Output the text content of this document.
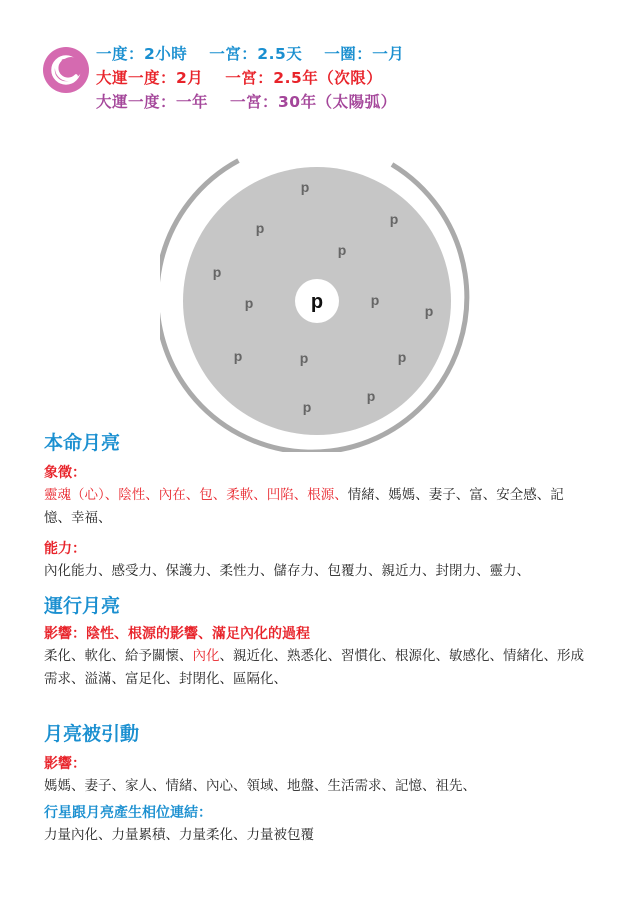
一度：2小時 一宮：2.5天 一圈：一月
大運一度：2月 一宮：2.5年（次限）
大運一度：一年 一宮：30年（太陽弧）
p
p
p
p
p
p
p	p
p
p	p	p
p
p
本命月亮

象徵：

靈魂（心）、陰性、內在、包、柔軟、凹陷、根源、情緒、媽媽、妻子、富、安全感、記憶、幸福、

能力：

內化能力、感受力、保護力、柔性力、儲存力、包覆力、親近力、封閉力、靈力、

運行月亮

影響：陰性、根源的影響、滿足內化的過程

柔化、軟化、給予關懷、內化、親近化、熟悉化、習慣化、根源化、敏感化、情緒化、形成需求、溢滿、富足化、封閉化、區隔化、

月亮被引動

影響：

媽媽、妻子、家人、情緒、內心、領域、地盤、生活需求、記憶、祖先、

行星跟月亮產生相位連結：

力量內化、力量累積、力量柔化、力量被包覆
